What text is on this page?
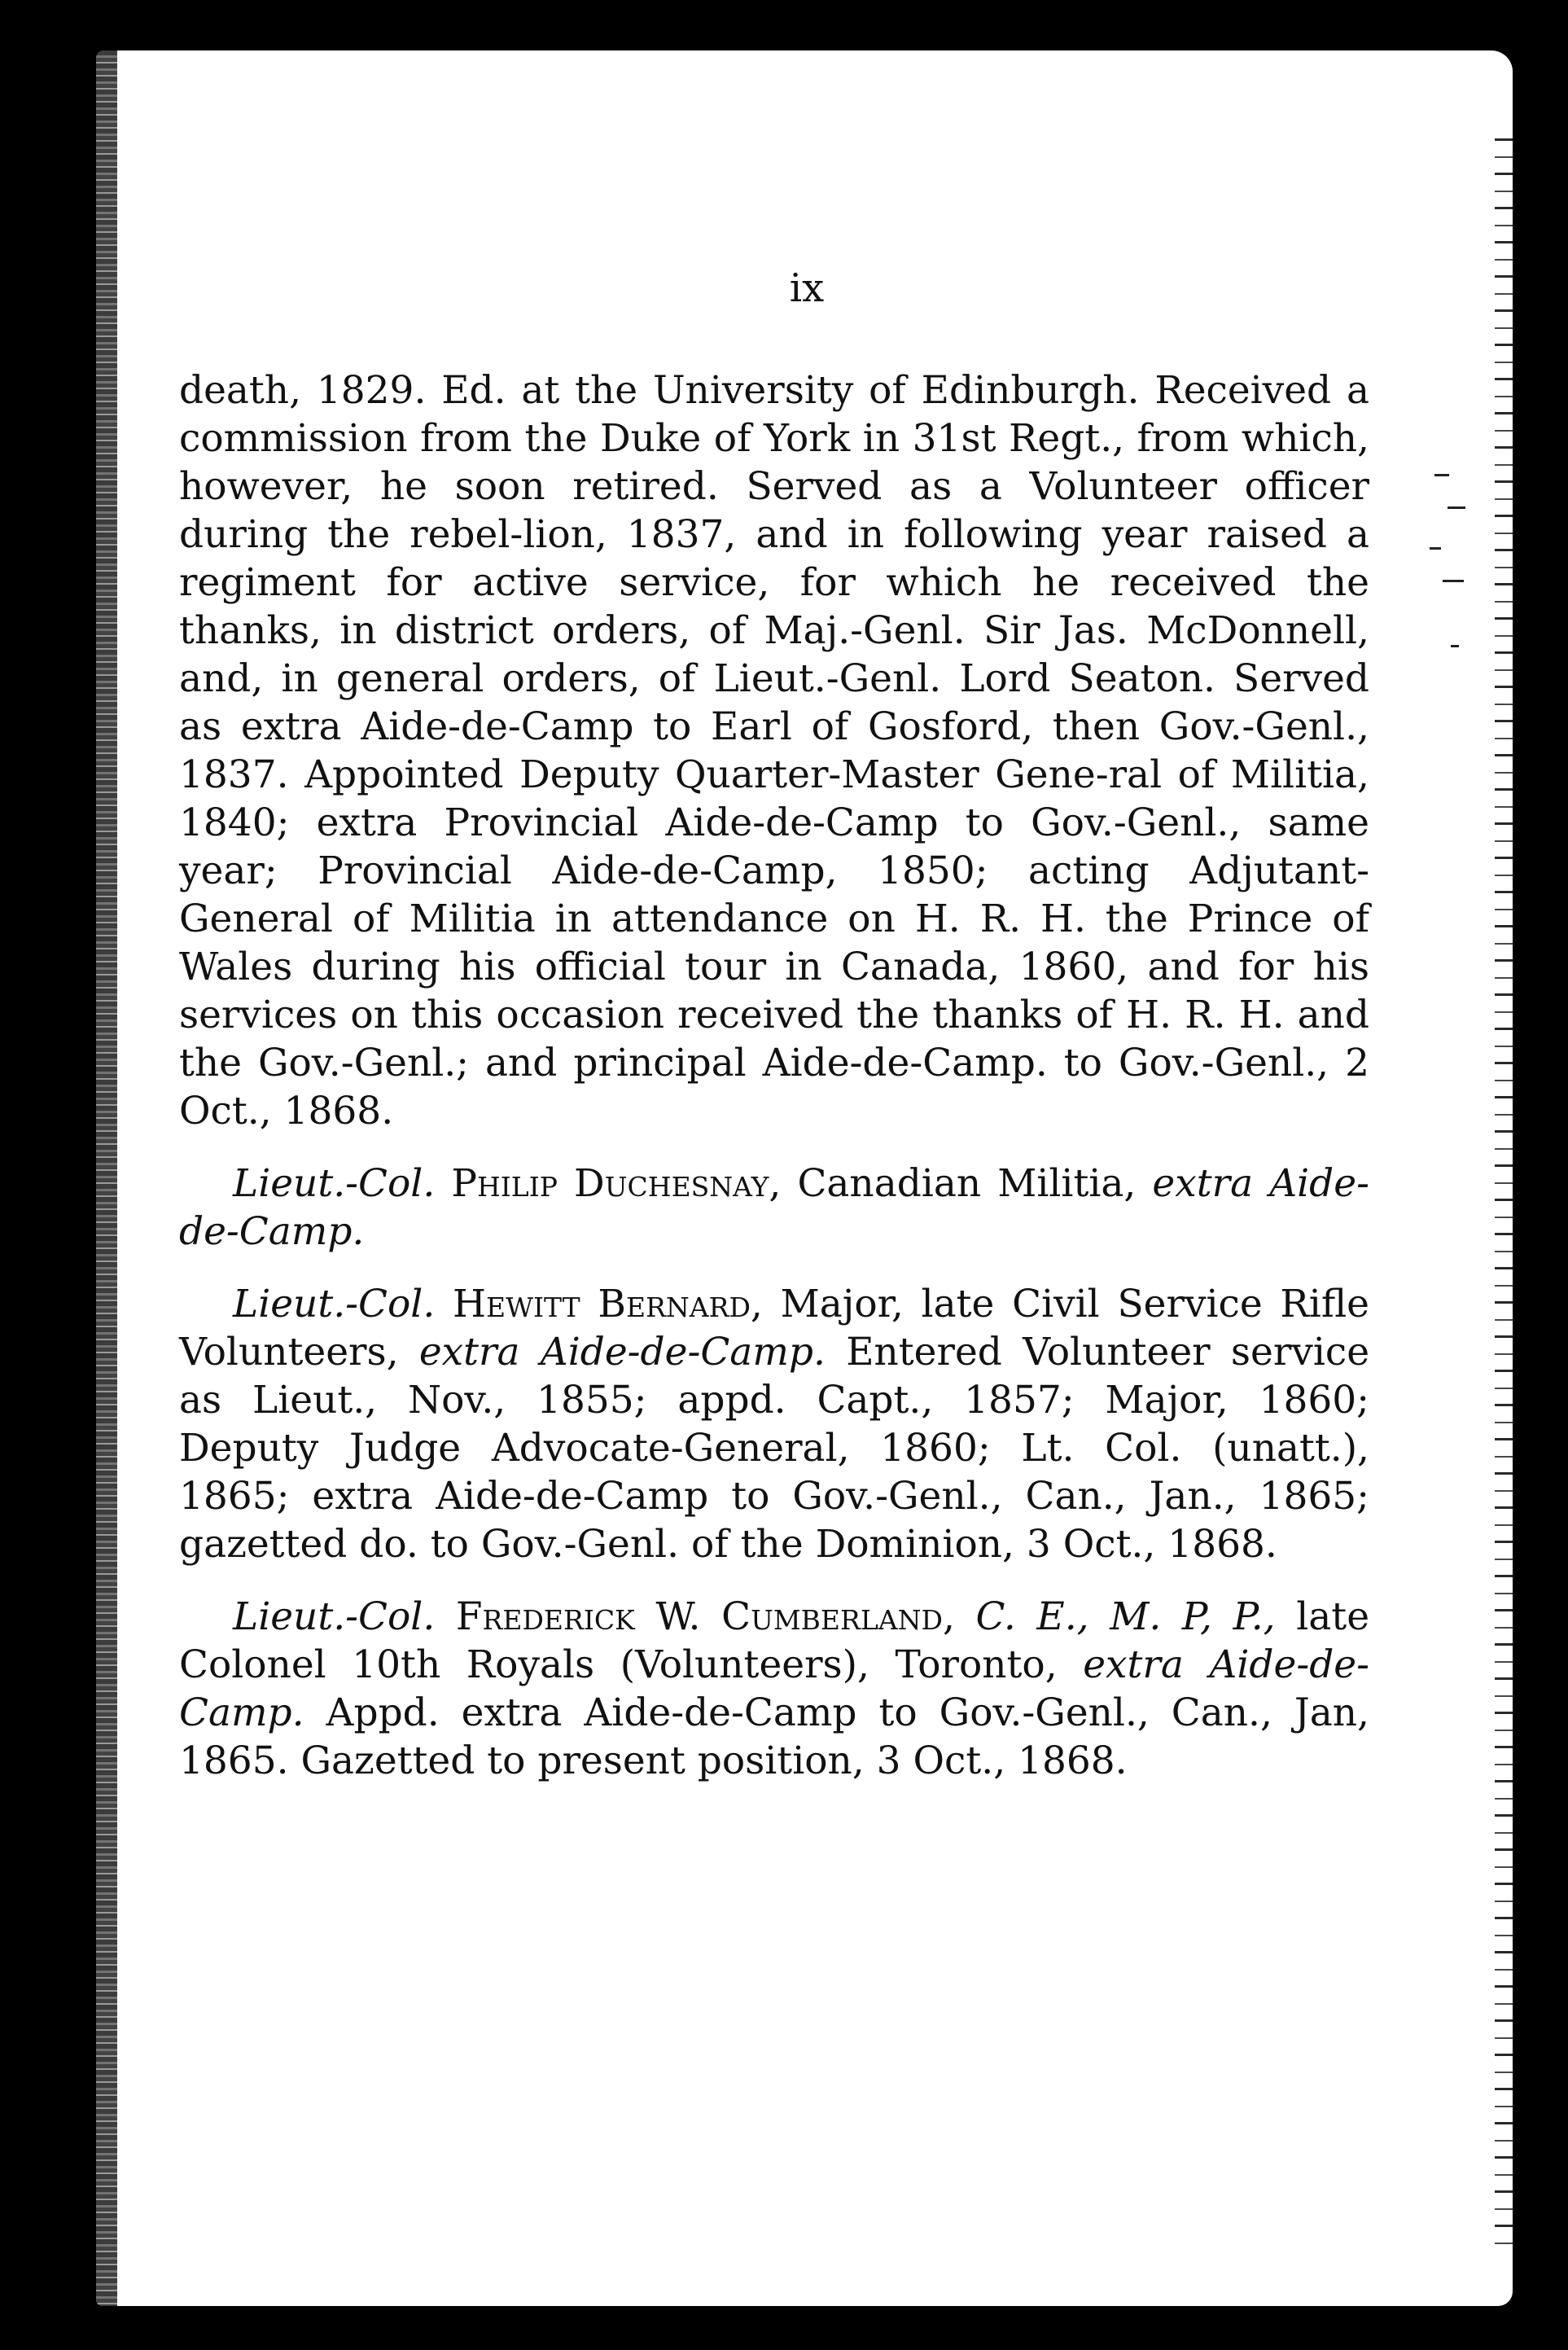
ix

death, 1829. Ed. at the University of Edinburgh. Received a commission from the Duke of York in 31st Regt., from which, however, he soon retired. Served as a Volunteer officer during the rebel-lion, 1837, and in following year raised a regiment for active service, for which he received the thanks, in district orders, of Maj.-Genl. Sir Jas. McDonnell, and, in general orders, of Lieut.-Genl. Lord Seaton. Served as extra Aide-de-Camp to Earl of Gosford, then Gov.-Genl., 1837. Appointed Deputy Quarter-Master Gene-ral of Militia, 1840; extra Provincial Aide-de-Camp to Gov.-Genl., same year; Provincial Aide-de-Camp, 1850; acting Adjutant-General of Militia in attendance on H. R. H. the Prince of Wales during his official tour in Canada, 1860, and for his services on this occasion received the thanks of H. R. H. and the Gov.-Genl.; and principal Aide-de-Camp. to Gov.-Genl., 2 Oct., 1868.

Lieut.-Col. Philip Duchesnay, Canadian Militia, extra Aide-de-Camp.

Lieut.-Col. Hewitt Bernard, Major, late Civil Service Rifle Volunteers, extra Aide-de-Camp. Entered Volunteer service as Lieut., Nov., 1855; appd. Capt., 1857; Major, 1860; Deputy Judge Advocate-General, 1860; Lt. Col. (unatt.), 1865; extra Aide-de-Camp to Gov.-Genl., Can., Jan., 1865; gazetted do. to Gov.-Genl. of the Dominion, 3 Oct., 1868.

Lieut.-Col. Frederick W. Cumberland, C. E., M. P, P., late Colonel 10th Royals (Volunteers), Toronto, extra Aide-de-Camp. Appd. extra Aide-de-Camp to Gov.-Genl., Can., Jan, 1865. Gazetted to present position, 3 Oct., 1868.
